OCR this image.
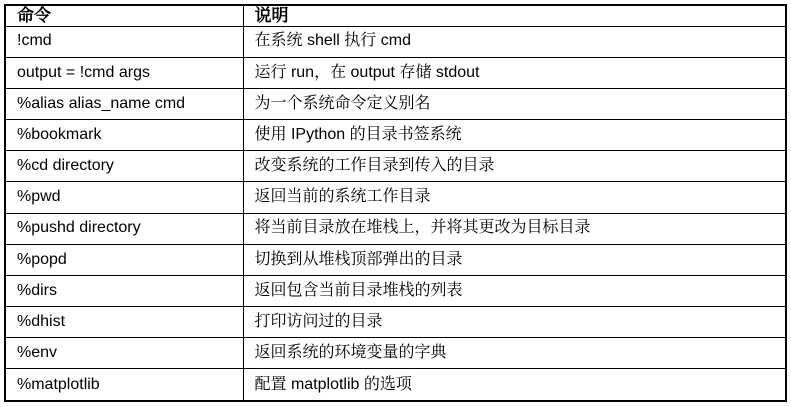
命令	说明
!cmd	在系统 shell 执行 cmd
output = !cmd args	运行 run，在 output 存储 stdout
%alias alias_name cmd	为一个系统命令定义别名
%bookmark	使用 IPython 的目录书签系统
%cd directory	改变系统的工作目录到传入的目录
%pwd	返回当前的系统工作目录
%pushd directory	将当前目录放在堆栈上，并将其更改为目标目录
%popd	切换到从堆栈顶部弹出的目录
%dirs	返回包含当前目录堆栈的列表
%dhist	打印访问过的目录
%env	返回系统的环境变量的字典
%matplotlib	配置 matplotlib 的选项
